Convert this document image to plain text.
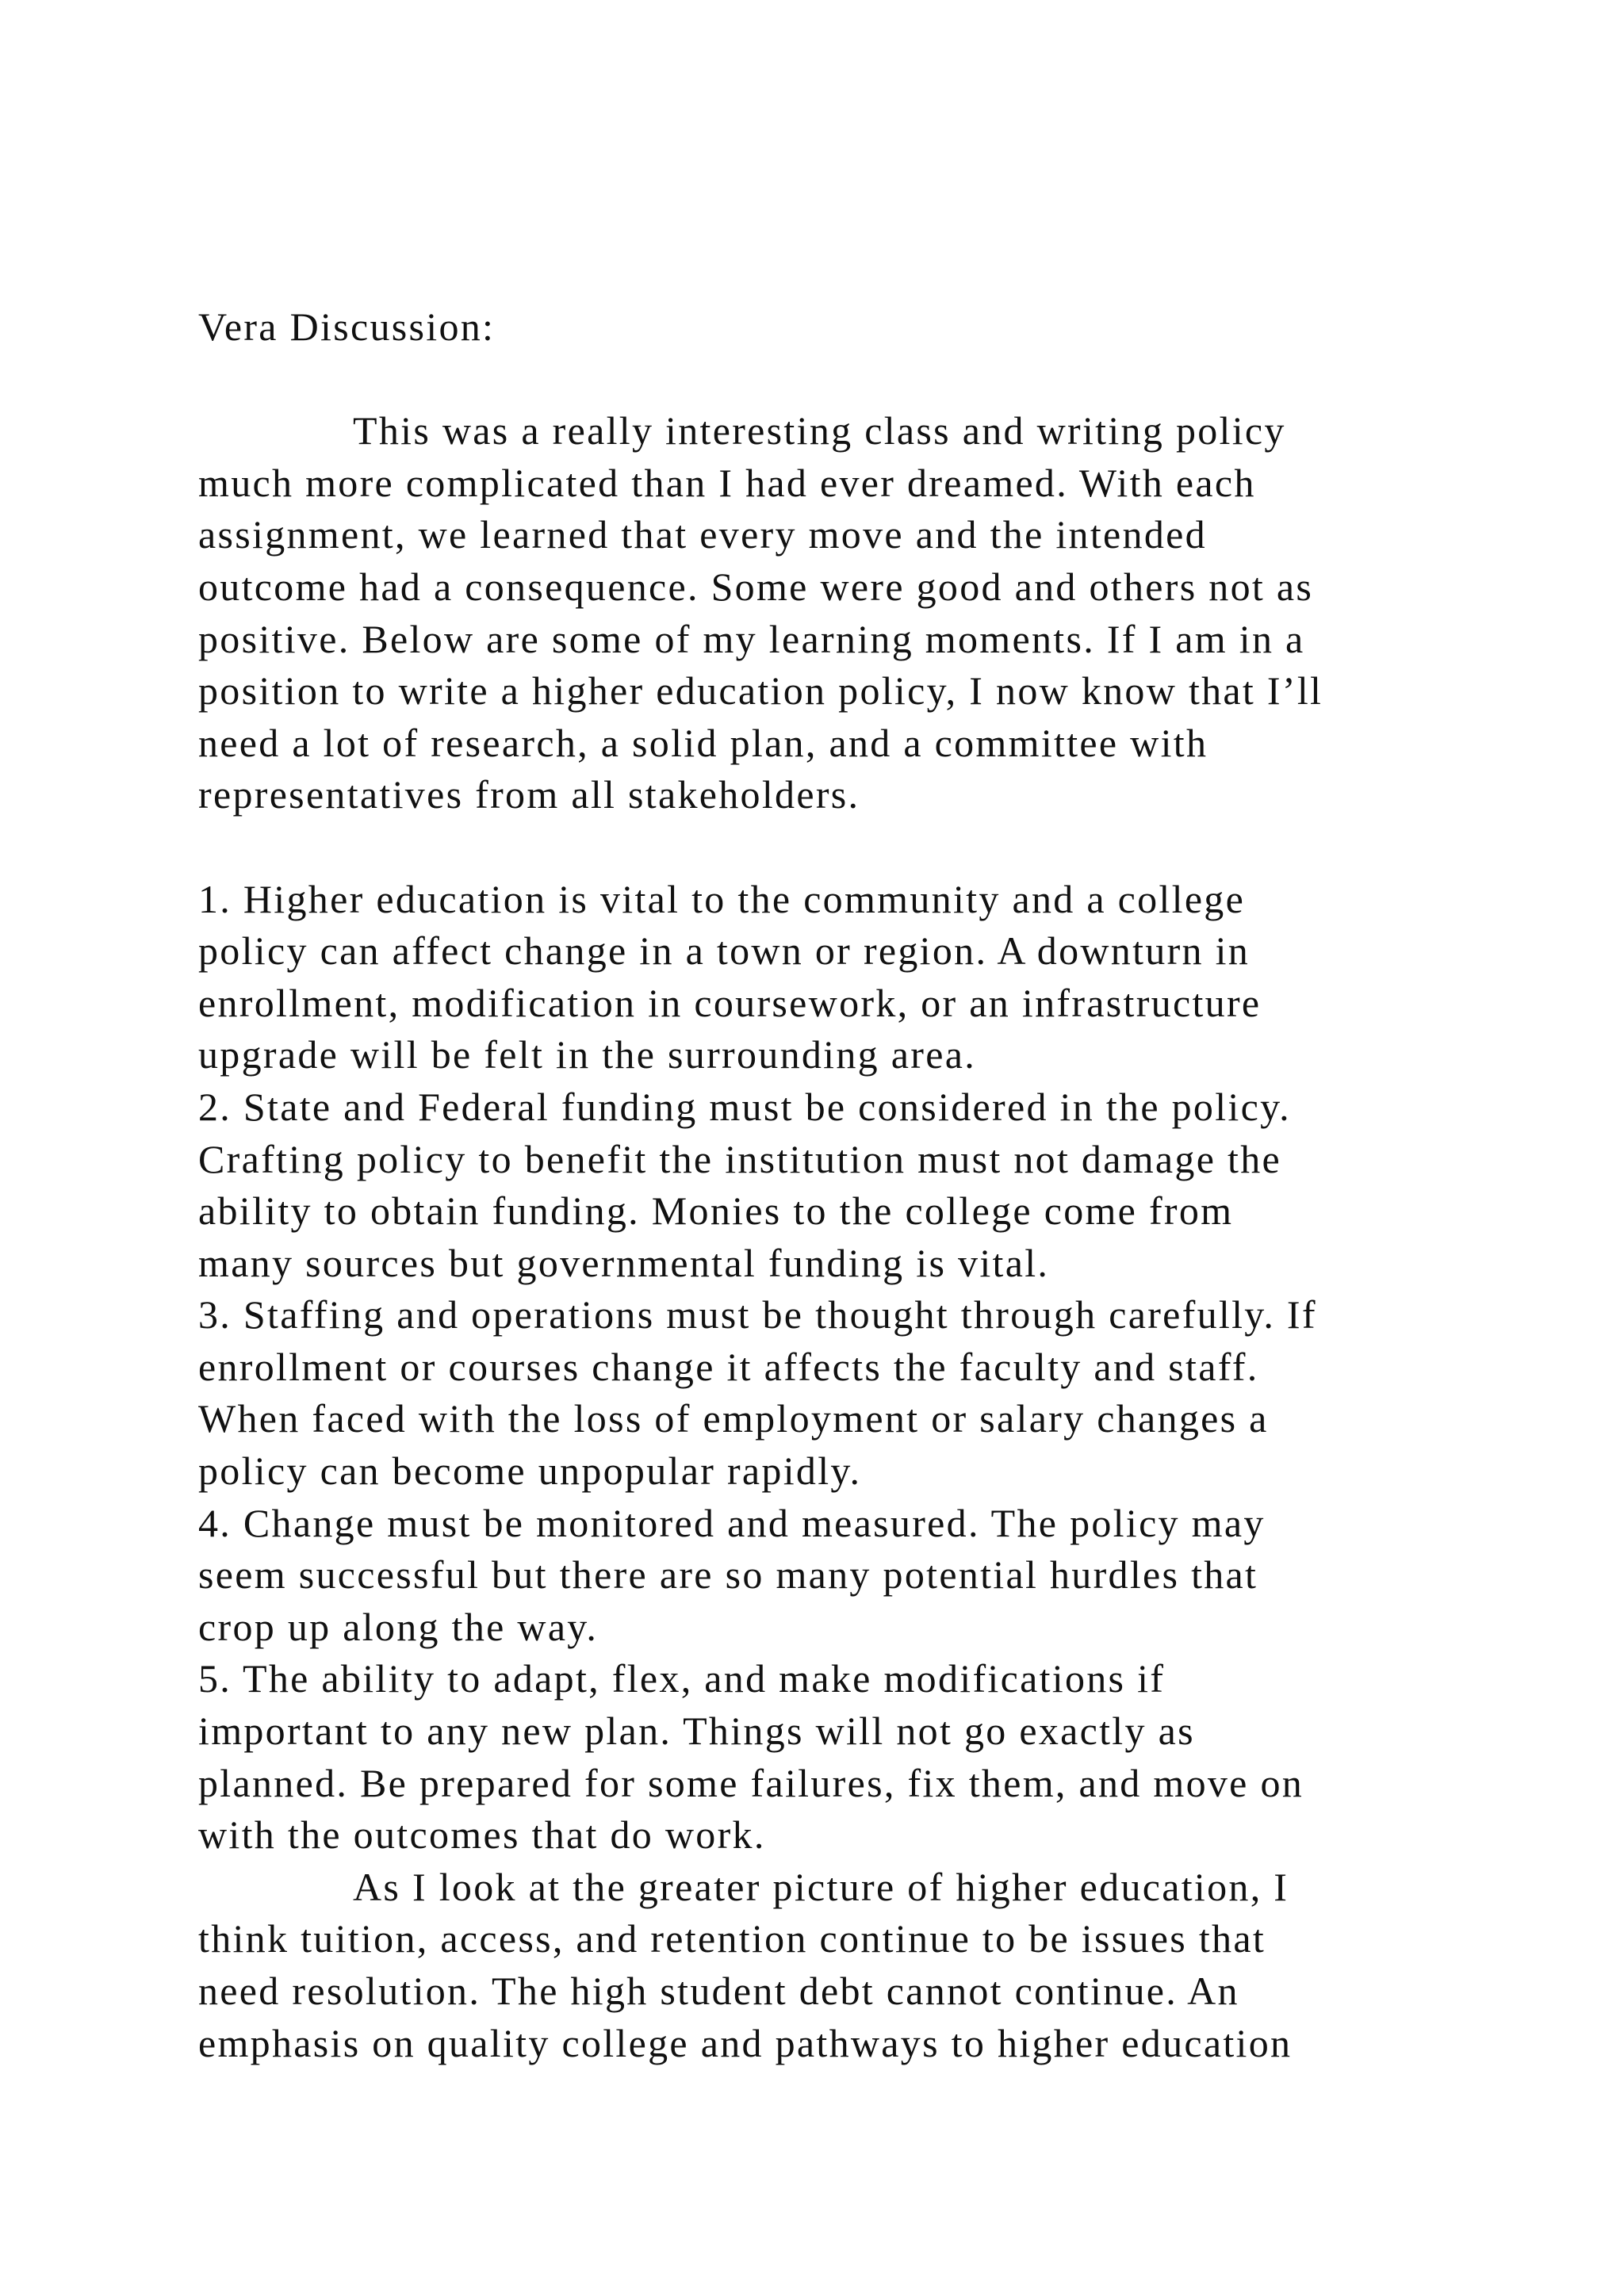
Vera Discussion:
This was a really interesting class and writing policy
much more complicated than I had ever dreamed. With each
assignment, we learned that every move and the intended
outcome had a consequence. Some were good and others not as
positive. Below are some of my learning moments. If I am in a
position to write a higher education policy, I now know that I’ll
need a lot of research, a solid plan, and a committee with
representatives from all stakeholders.
1. Higher education is vital to the community and a college
policy can affect change in a town or region. A downturn in
enrollment, modification in coursework, or an infrastructure
upgrade will be felt in the surrounding area.
2. State and Federal funding must be considered in the policy.
Crafting policy to benefit the institution must not damage the
ability to obtain funding. Monies to the college come from
many sources but governmental funding is vital.
3. Staffing and operations must be thought through carefully. If
enrollment or courses change it affects the faculty and staff.
When faced with the loss of employment or salary changes a
policy can become unpopular rapidly.
4. Change must be monitored and measured. The policy may
seem successful but there are so many potential hurdles that
crop up along the way.
5. The ability to adapt, flex, and make modifications if
important to any new plan. Things will not go exactly as
planned. Be prepared for some failures, fix them, and move on
with the outcomes that do work.
As I look at the greater picture of higher education, I
think tuition, access, and retention continue to be issues that
need resolution. The high student debt cannot continue. An
emphasis on quality college and pathways to higher education
